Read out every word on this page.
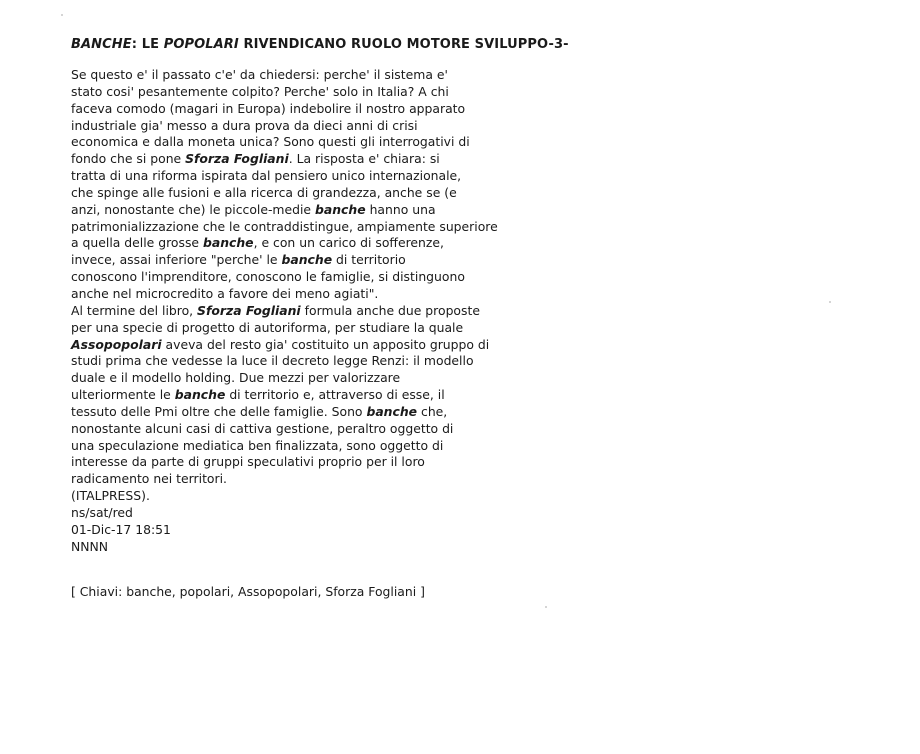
BANCHE: LE POPOLARI RIVENDICANO RUOLO MOTORE SVILUPPO-3-
Se questo e' il passato c'e' da chiedersi: perche' il sistema e'
stato cosi' pesantemente colpito? Perche' solo in Italia? A chi
faceva comodo (magari in Europa) indebolire il nostro apparato
industriale gia' messo a dura prova da dieci anni di crisi
economica e dalla moneta unica? Sono questi gli interrogativi di
fondo che si pone Sforza Fogliani. La risposta e' chiara: si
tratta di una riforma ispirata dal pensiero unico internazionale,
che spinge alle fusioni e alla ricerca di grandezza, anche se (e
anzi, nonostante che) le piccole-medie banche hanno una
patrimonializzazione che le contraddistingue, ampiamente superiore
a quella delle grosse banche, e con un carico di sofferenze,
invece, assai inferiore "perche' le banche di territorio
conoscono l'imprenditore, conoscono le famiglie, si distinguono
anche nel microcredito a favore dei meno agiati".
Al termine del libro, Sforza Fogliani formula anche due proposte
per una specie di progetto di autoriforma, per studiare la quale
Assopopolari aveva del resto gia' costituito un apposito gruppo di
studi prima che vedesse la luce il decreto legge Renzi: il modello
duale e il modello holding. Due mezzi per valorizzare
ulteriormente le banche di territorio e, attraverso di esse, il
tessuto delle Pmi oltre che delle famiglie. Sono banche che,
nonostante alcuni casi di cattiva gestione, peraltro oggetto di
una speculazione mediatica ben finalizzata, sono oggetto di
interesse da parte di gruppi speculativi proprio per il loro
radicamento nei territori.
(ITALPRESS).
ns/sat/red
01-Dic-17 18:51
NNNN
[ Chiavi: banche, popolari, Assopopolari, Sforza Fogliani ]
